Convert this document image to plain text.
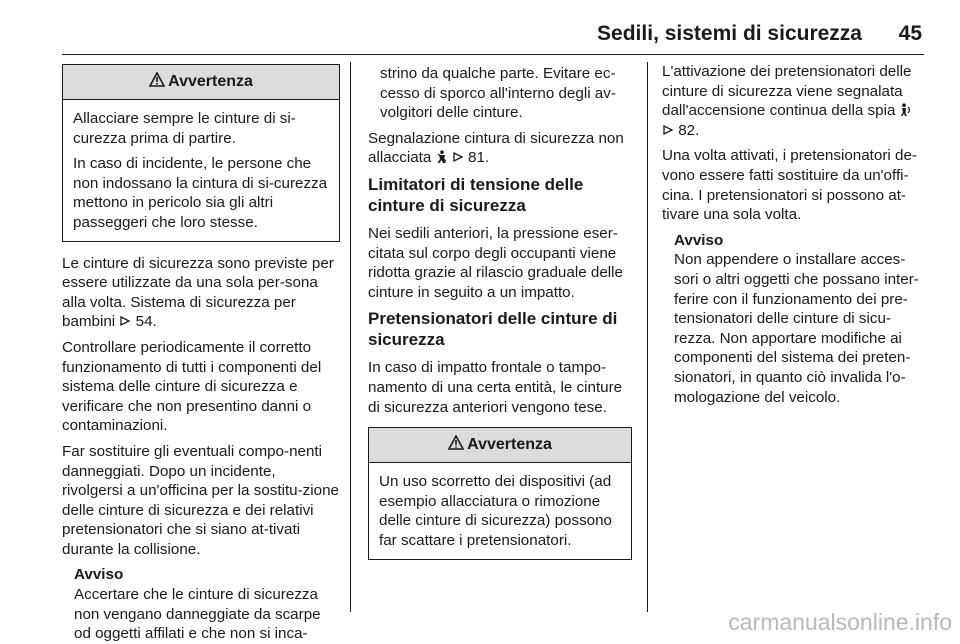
Sedili, sistemi di sicurezza 45
Avvertenza

Allacciare sempre le cinture di si-curezza prima di partire.

In caso di incidente, le persone che non indossano la cintura di si-curezza mettono in pericolo sia gli altri passeggeri che loro stesse.

Le cinture di sicurezza sono previste per essere utilizzate da una sola per-sona alla volta. Sistema di sicurezza per bambini 54.

Controllare periodicamente il corretto funzionamento di tutti i componenti del sistema delle cinture di sicurezza e verificare che non presentino danni o contaminazioni.

Far sostituire gli eventuali compo-nenti danneggiati. Dopo un incidente, rivolgersi a un'officina per la sostitu-zione delle cinture di sicurezza e dei relativi pretensionatori che si siano at-tivati durante la collisione.

Avviso
Accertare che le cinture di sicurezza non vengano danneggiate da scarpe od oggetti affilati e che non si inca-
strino da qualche parte. Evitare ec-cesso di sporco all'interno degli av-volgitori delle cinture.

Segnalazione cintura di sicurezza non allacciata 81.

Limitatori di tensione delle cinture di sicurezza

Nei sedili anteriori, la pressione eser-citata sul corpo degli occupanti viene ridotta grazie al rilascio graduale delle cinture in seguito a un impatto.

Pretensionatori delle cinture di sicurezza

In caso di impatto frontale o tampo-namento di una certa entità, le cinture di sicurezza anteriori vengono tese.

Avvertenza

Un uso scorretto dei dispositivi (ad esempio allacciatura o rimozione delle cinture di sicurezza) possono far scattare i pretensionatori.

L'attivazione dei pretensionatori delle cinture di sicurezza viene segnalata dall'accensione continua della spia
82.

Una volta attivati, i pretensionatori de-vono essere fatti sostituire da un'offi-cina. I pretensionatori si possono at-tivare una sola volta.

Avviso
Non appendere o installare acces-sori o altri oggetti che possano inter-ferire con il funzionamento dei pre-tensionatori delle cinture di sicu-rezza. Non apportare modifiche ai componenti del sistema dei preten-sionatori, in quanto ciò invalida l'o-mologazione del veicolo.
carmanualsonline.info
